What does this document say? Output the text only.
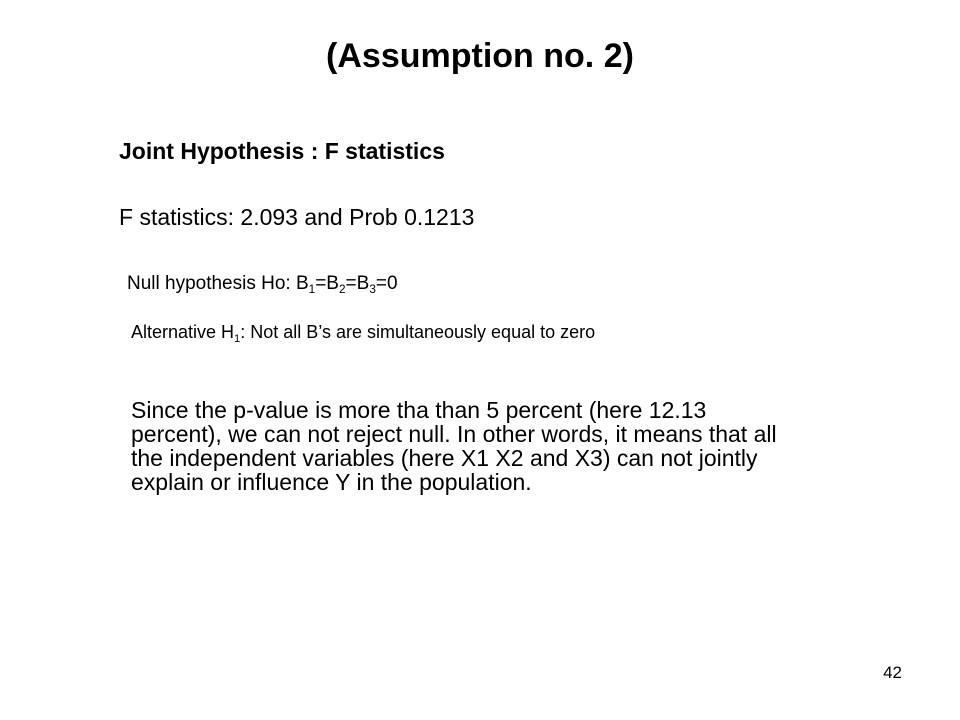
(Assumption no. 2)
Joint Hypothesis : F statistics
F statistics: 2.093 and Prob 0.1213
Null hypothesis Ho: $B_1=B_2=B_3=0$
Alternative $H_1$: Not all B’s are simultaneously equal to zero

Since the p-value is more tha than 5 percent (here 12.13
percent), we can not reject null. In other words, it means that all
the independent variables (here X1 X2 and X3) can not jointly
explain or influence Y in the population.

42
